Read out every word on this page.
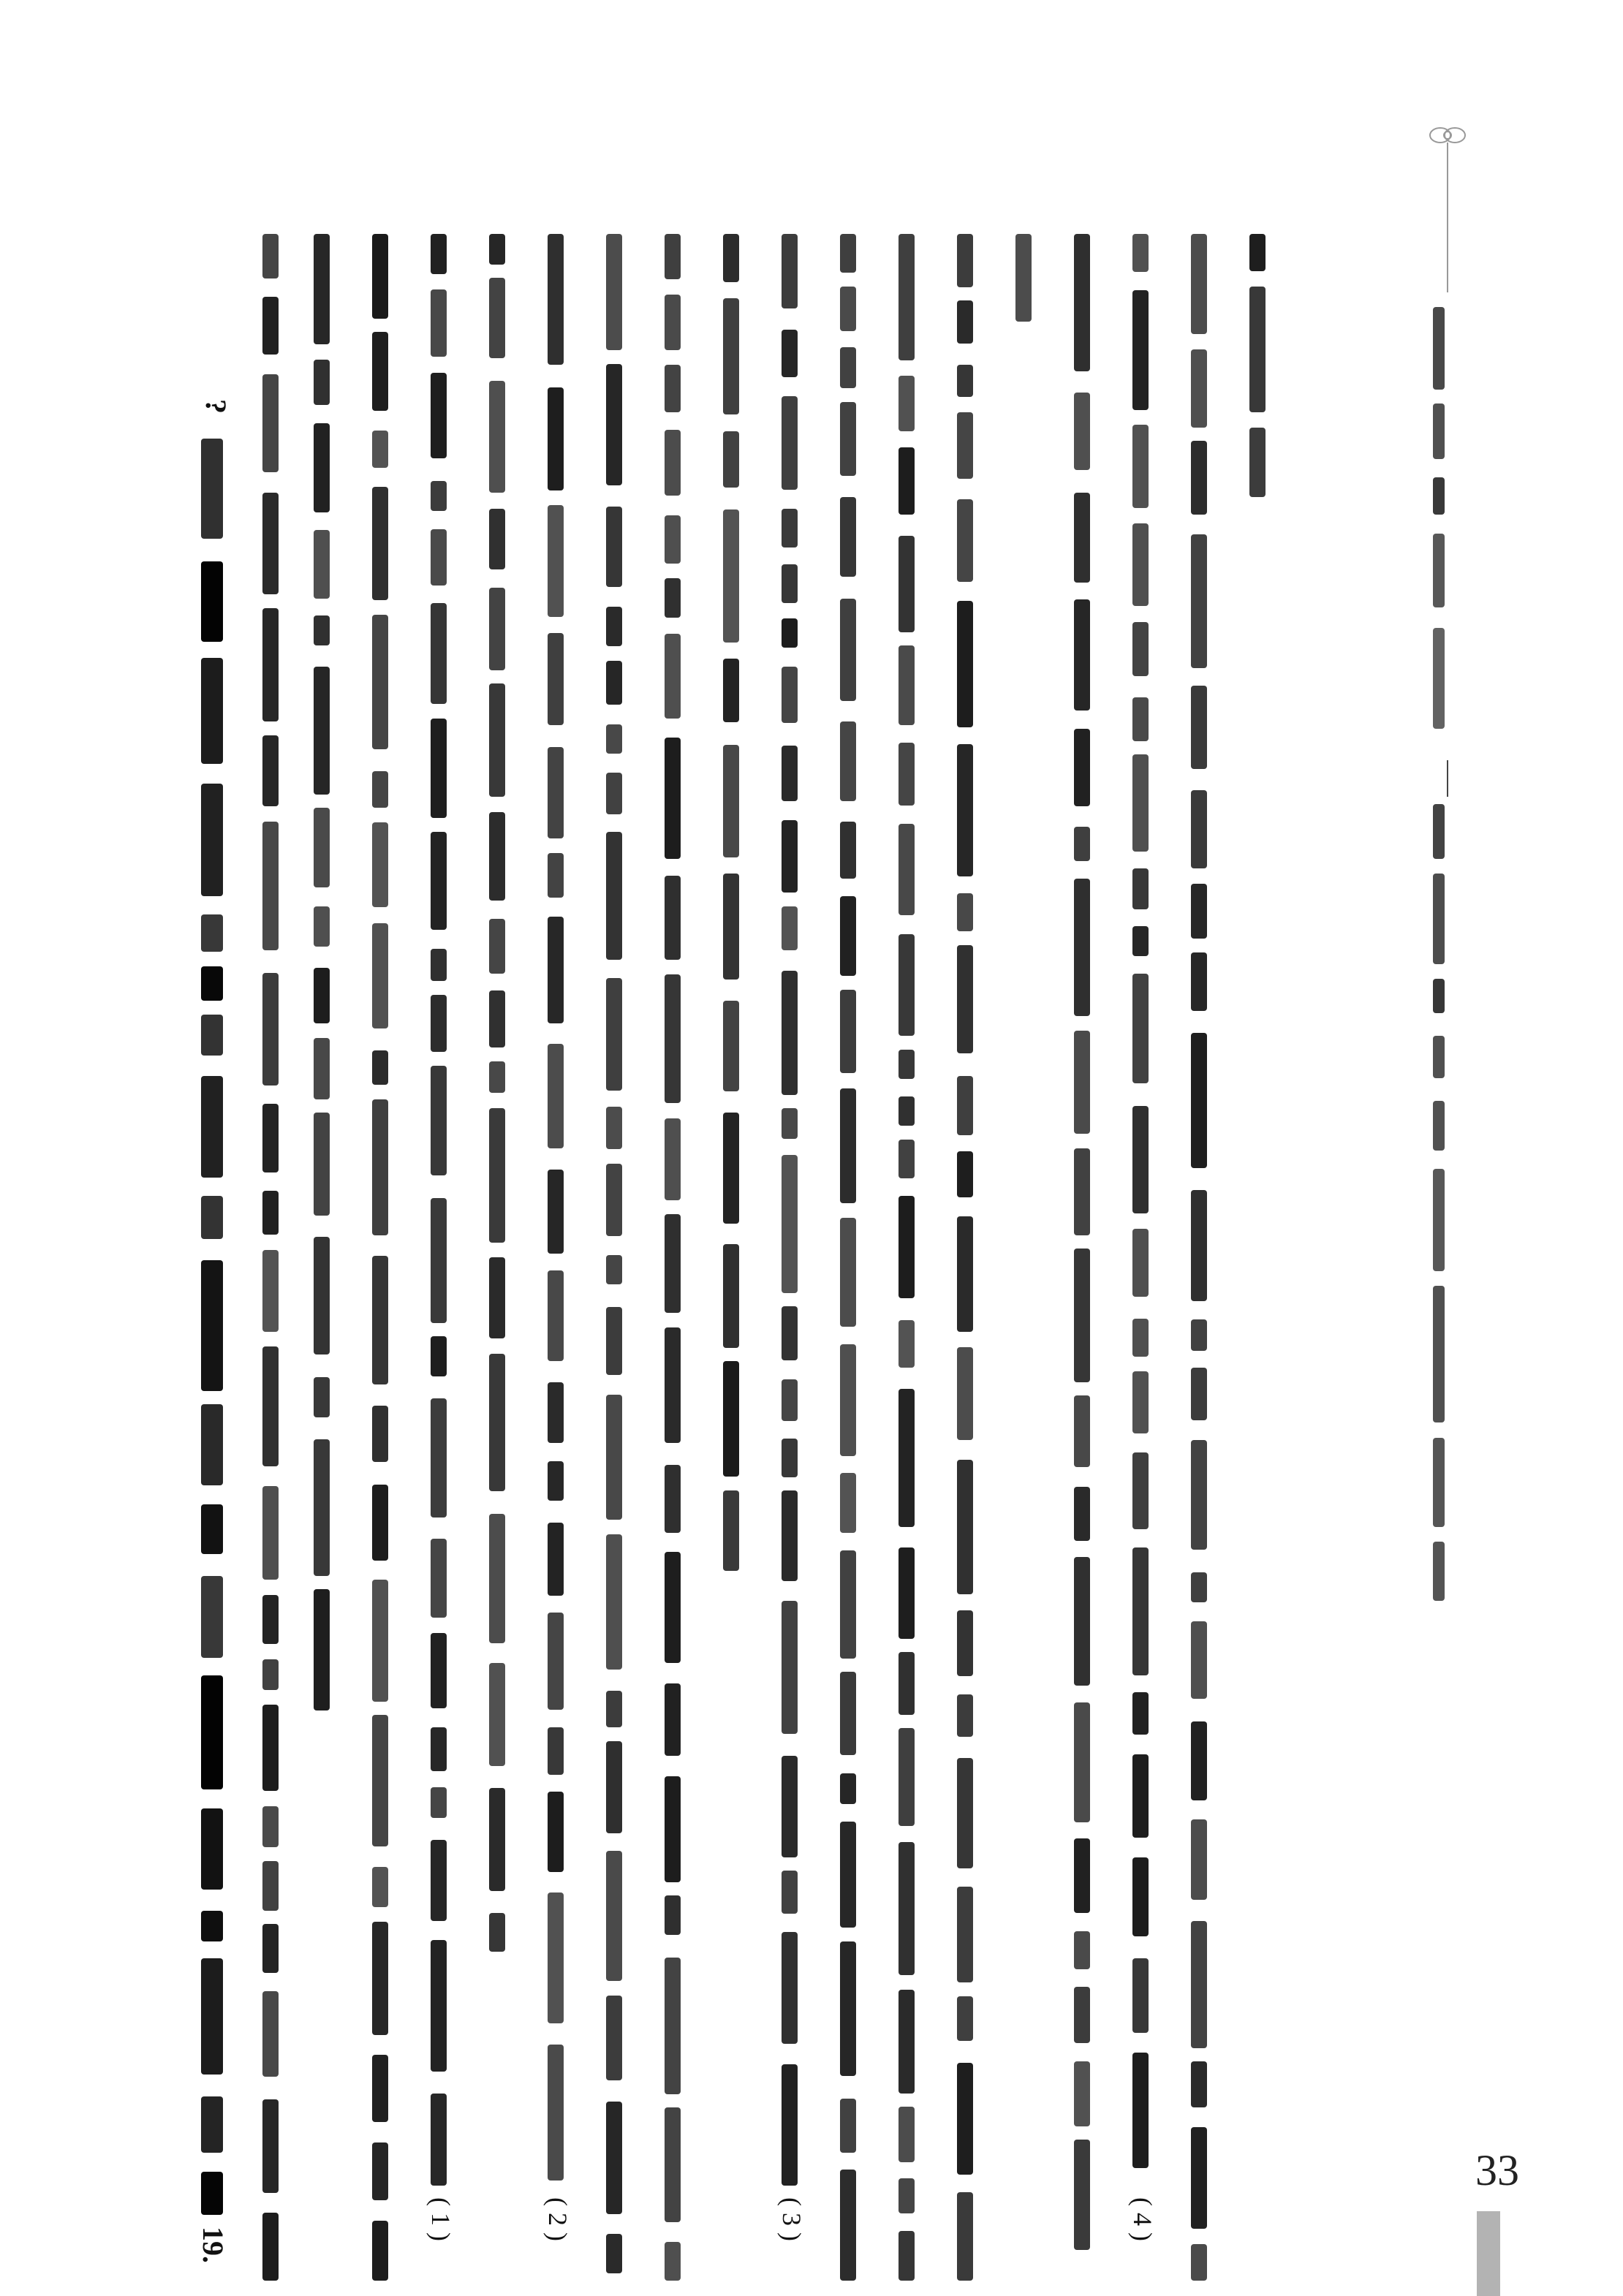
( 4 )
( 3 )
( 2 )
( 1 )
19.
?
33
